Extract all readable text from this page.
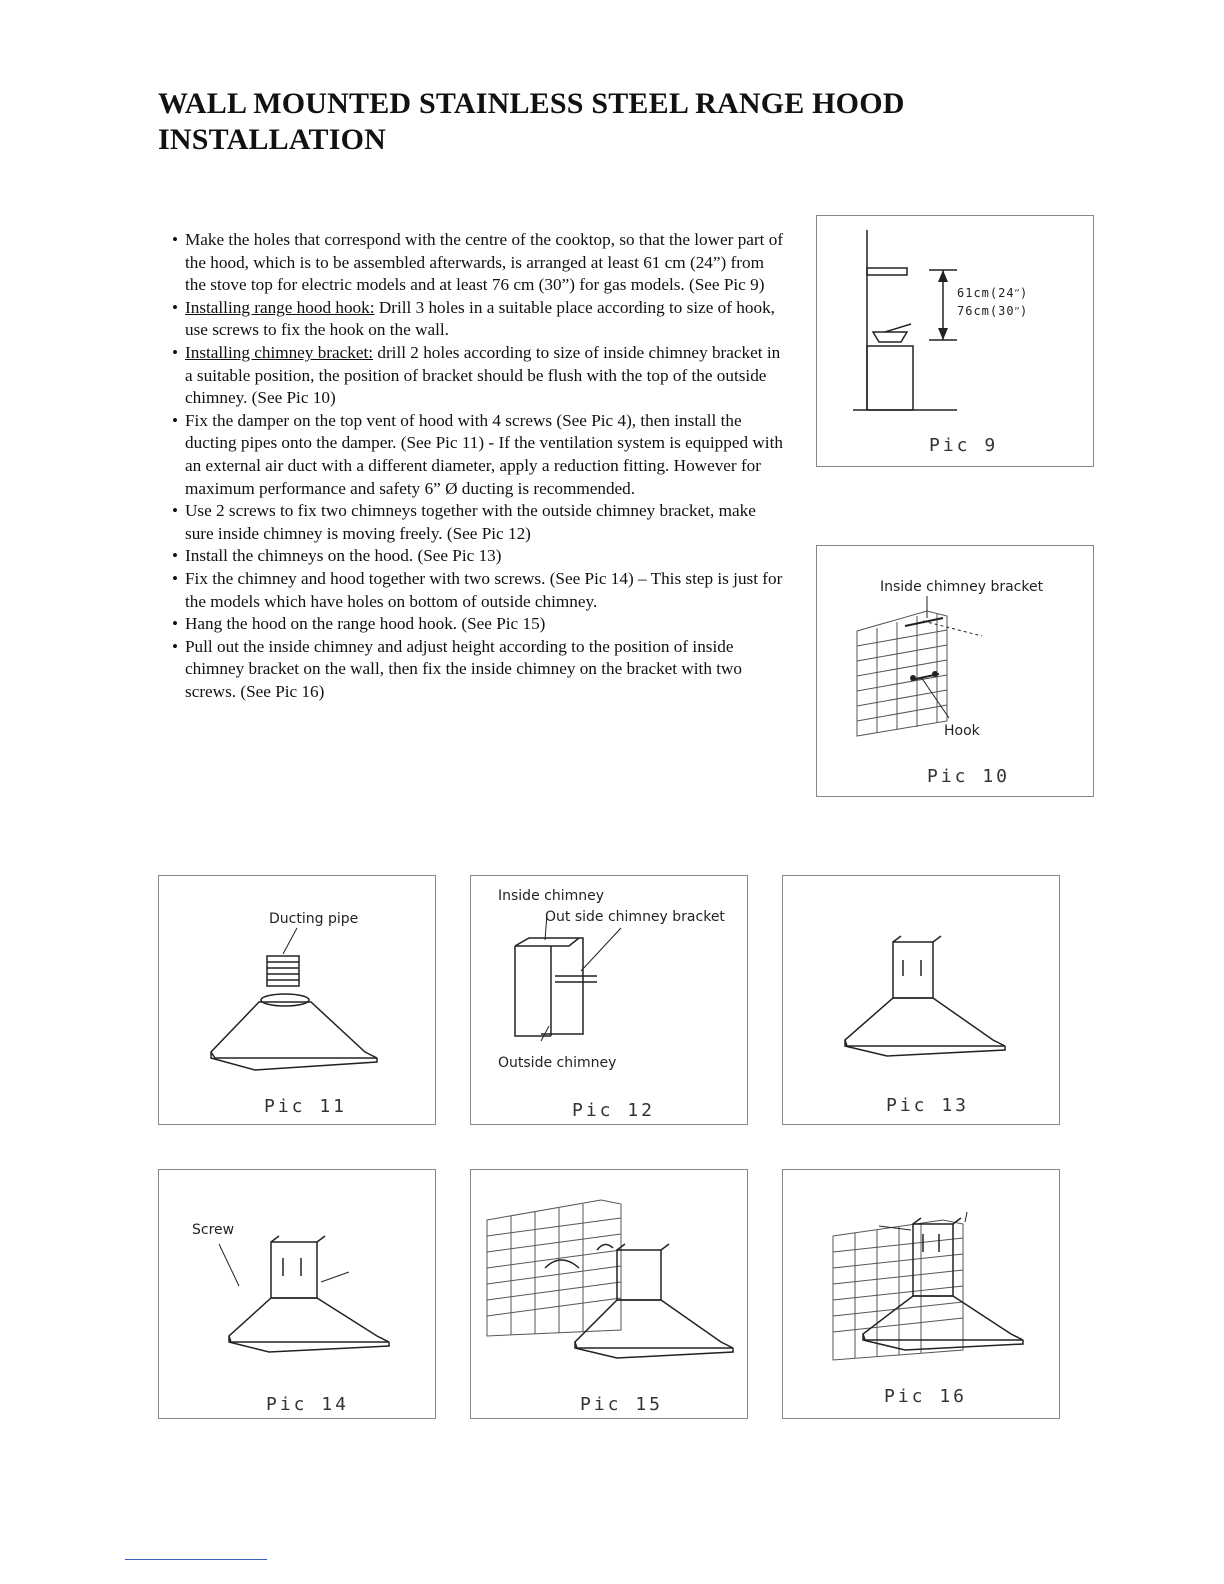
WALL MOUNTED STAINLESS STEEL RANGE HOOD
INSTALLATION
• Make the holes that correspond with the centre of the cooktop, so that the lower part of the hood, which is to be assembled afterwards, is arranged at least 61 cm (24”) from the stove top for electric models and at least 76 cm (30”) for gas models. (See Pic 9)
• Installing range hood hook: Drill 3 holes in a suitable place according to size of hook, use screws to fix the hook on the wall.
• Installing chimney bracket: drill 2 holes according to size of inside chimney bracket in a suitable position, the position of bracket should be flush with the top of the outside chimney. (See Pic 10)
• Fix the damper on the top vent of hood with 4 screws (See Pic 4), then install the ducting pipes onto the damper. (See Pic 11) - If the ventilation system is equipped with an external air duct with a different diameter, apply a reduction fitting. However for maximum performance and safety 6” Ø ducting is recommended.
• Use 2 screws to fix two chimneys together with the outside chimney bracket, make sure inside chimney is moving freely. (See Pic 12)
• Install the chimneys on the hood. (See Pic 13)
• Fix the chimney and hood together with two screws. (See Pic 14) – This step is just for the models which have holes on bottom of outside chimney.
• Hang the hood on the range hood hook. (See Pic 15)
• Pull out the inside chimney and adjust height according to the position of inside chimney bracket on the wall, then fix the inside chimney on the bracket with two screws. (See Pic 16)
61cm(24ʺ)
76cm(30ʺ)
Pic 9
Inside chimney bracket
Hook
Pic 10
Ducting pipe
Pic 11
Inside chimney
Out side chimney bracket
Outside chimney
Pic 12	Pic 13
Screw
Pic 14	Pic 15	Pic 16
